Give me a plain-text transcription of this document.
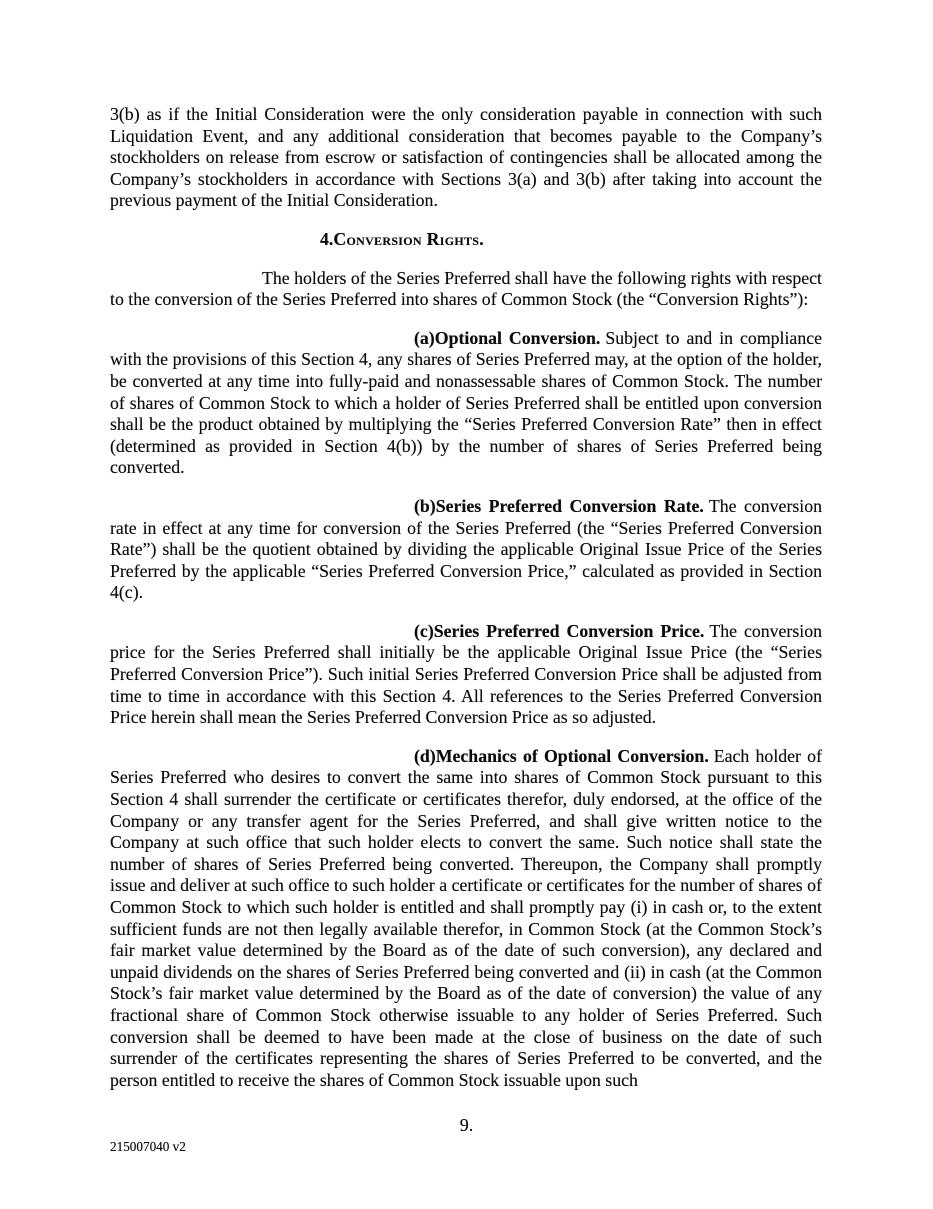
3(b) as if the Initial Consideration were the only consideration payable in connection with such Liquidation Event, and any additional consideration that becomes payable to the Company’s stockholders on release from escrow or satisfaction of contingencies shall be allocated among the Company’s stockholders in accordance with Sections 3(a) and 3(b) after taking into account the previous payment of the Initial Consideration.

4.Conversion Rights.

The holders of the Series Preferred shall have the following rights with respect to the conversion of the Series Preferred into shares of Common Stock (the “Conversion Rights”):

(a)Optional Conversion. Subject to and in compliance with the provisions of this Section 4, any shares of Series Preferred may, at the option of the holder, be converted at any time into fully-paid and nonassessable shares of Common Stock. The number of shares of Common Stock to which a holder of Series Preferred shall be entitled upon conversion shall be the product obtained by multiplying the “Series Preferred Conversion Rate” then in effect (determined as provided in Section 4(b)) by the number of shares of Series Preferred being converted.

(b)Series Preferred Conversion Rate. The conversion rate in effect at any time for conversion of the Series Preferred (the “Series Preferred Conversion Rate”) shall be the quotient obtained by dividing the applicable Original Issue Price of the Series Preferred by the applicable “Series Preferred Conversion Price,” calculated as provided in Section 4(c).

(c)Series Preferred Conversion Price. The conversion price for the Series Preferred shall initially be the applicable Original Issue Price (the “Series Preferred Conversion Price”). Such initial Series Preferred Conversion Price shall be adjusted from time to time in accordance with this Section 4. All references to the Series Preferred Conversion Price herein shall mean the Series Preferred Conversion Price as so adjusted.

(d)Mechanics of Optional Conversion. Each holder of Series Preferred who desires to convert the same into shares of Common Stock pursuant to this Section 4 shall surrender the certificate or certificates therefor, duly endorsed, at the office of the Company or any transfer agent for the Series Preferred, and shall give written notice to the Company at such office that such holder elects to convert the same. Such notice shall state the number of shares of Series Preferred being converted. Thereupon, the Company shall promptly issue and deliver at such office to such holder a certificate or certificates for the number of shares of Common Stock to which such holder is entitled and shall promptly pay (i) in cash or, to the extent sufficient funds are not then legally available therefor, in Common Stock (at the Common Stock’s fair market value determined by the Board as of the date of such conversion), any declared and unpaid dividends on the shares of Series Preferred being converted and (ii) in cash (at the Common Stock’s fair market value determined by the Board as of the date of conversion) the value of any fractional share of Common Stock otherwise issuable to any holder of Series Preferred. Such conversion shall be deemed to have been made at the close of business on the date of such surrender of the certificates representing the shares of Series Preferred to be converted, and the person entitled to receive the shares of Common Stock issuable upon such

9.
215007040 v2
